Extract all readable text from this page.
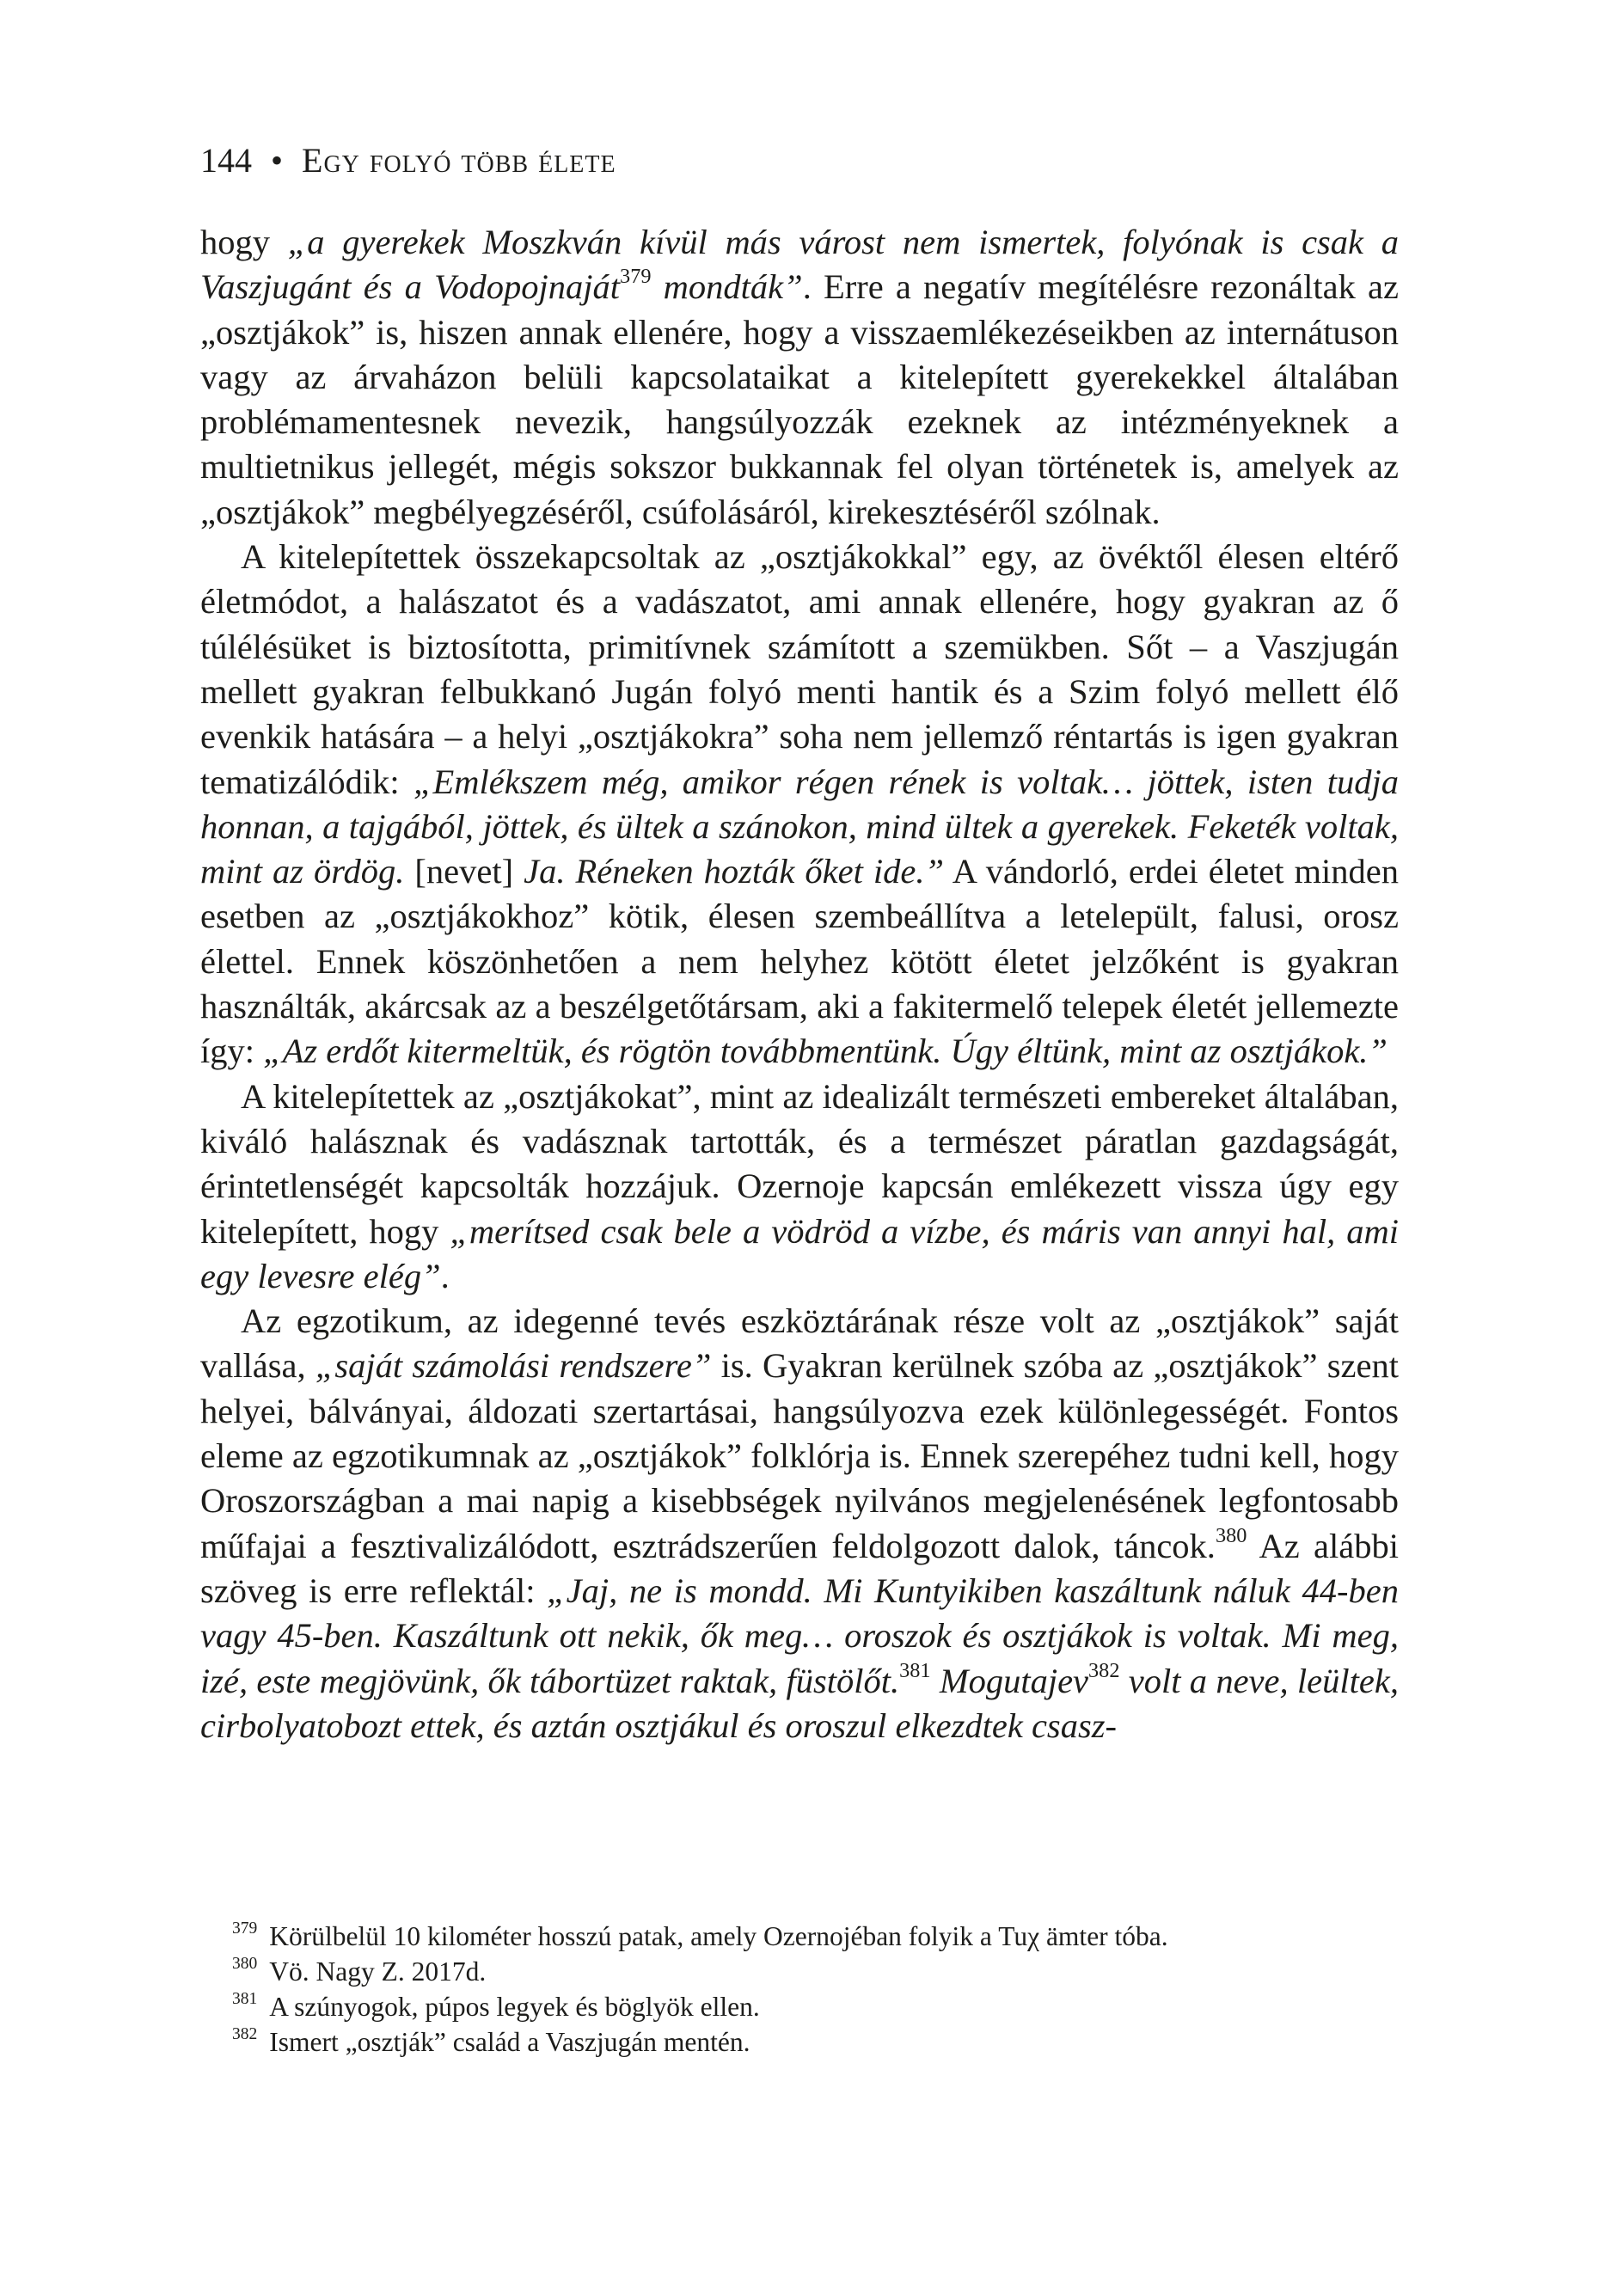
144 • Egy folyó több élete

hogy „a gyerekek Moszkván kívül más várost nem ismertek, folyónak is csak a Vaszjugánt és a Vodopojnaját$^{379}$ mondták”. Erre a negatív megítélésre rezonáltak az „osztjákok” is, hiszen annak ellenére, hogy a visszaemlékezéseikben az internátuson vagy az árvaházon belüli kapcsolataikat a kitelepített gyerekekkel általában problémamentesnek nevezik, hangsúlyozzák ezeknek az intézményeknek a multietnikus jellegét, mégis sokszor bukkannak fel olyan történetek is, amelyek az „osztjákok” megbélyegzéséről, csúfolásáról, kirekesztéséről szólnak.

A kitelepítettek összekapcsoltak az „osztjákokkal” egy, az övéktől élesen eltérő életmódot, a halászatot és a vadászatot, ami annak ellenére, hogy gyakran az ő túlélésüket is biztosította, primitívnek számított a szemükben. Sőt – a Vaszjugán mellett gyakran felbukkanó Jugán folyó menti hantik és a Szim folyó mellett élő evenkik hatására – a helyi „osztjákokra” soha nem jellemző réntartás is igen gyakran tematizálódik: „Emlékszem még, amikor régen rének is voltak… jöttek, isten tudja honnan, a tajgából, jöttek, és ültek a szánokon, mind ültek a gyerekek. Feketék voltak, mint az ördög. [nevet] Ja. Réneken hozták őket ide.” A vándorló, erdei életet minden esetben az „osztjákokhoz” kötik, élesen szembeállítva a letelepült, falusi, orosz élettel. Ennek köszönhetően a nem helyhez kötött életet jelzőként is gyakran használták, akárcsak az a beszélgetőtársam, aki a fakitermelő telepek életét jellemezte így: „Az erdőt kitermeltük, és rögtön továbbmentünk. Úgy éltünk, mint az osztjákok.”

A kitelepítettek az „osztjákokat”, mint az idealizált természeti embereket általában, kiváló halásznak és vadásznak tartották, és a természet páratlan gazdagságát, érintetlenségét kapcsolták hozzájuk. Ozernoje kapcsán emlékezett vissza úgy egy kitelepített, hogy „merítsed csak bele a vödröd a vízbe, és máris van annyi hal, ami egy levesre elég”.

Az egzotikum, az idegenné tevés eszköztárának része volt az „osztjákok” saját vallása, „saját számolási rendszere” is. Gyakran kerülnek szóba az „osztjákok” szent helyei, bálványai, áldozati szertartásai, hangsúlyozva ezek különlegességét. Fontos eleme az egzotikumnak az „osztjákok” folklórja is. Ennek szerepéhez tudni kell, hogy Oroszországban a mai napig a kisebbségek nyilvános megjelenésének legfontosabb műfajai a fesztivalizálódott, esztrádszerűen feldolgozott dalok, táncok.$^{380}$ Az alábbi szöveg is erre reflektál: „Jaj, ne is mondd. Mi Kuntyikiben kaszáltunk náluk 44-ben vagy 45-ben. Kaszáltunk ott nekik, ők meg… oroszok és osztjákok is voltak. Mi meg, izé, este megjövünk, ők tábortüzet raktak, füstölőt.$^{381}$ Mogutajev$^{382}$ volt a neve, leültek, cirbolyatobozt ettek, és aztán osztjákul és oroszul elkezdtek csasz-

$^{379}$ Körülbelül 10 kilométer hosszú patak, amely Ozernojéban folyik a Tuχ ämter tóba.

$^{380}$ Vö. Nagy Z. 2017d.

$^{381}$ A szúnyogok, púpos legyek és böglyök ellen.

$^{382}$ Ismert „osztják” család a Vaszjugán mentén.
